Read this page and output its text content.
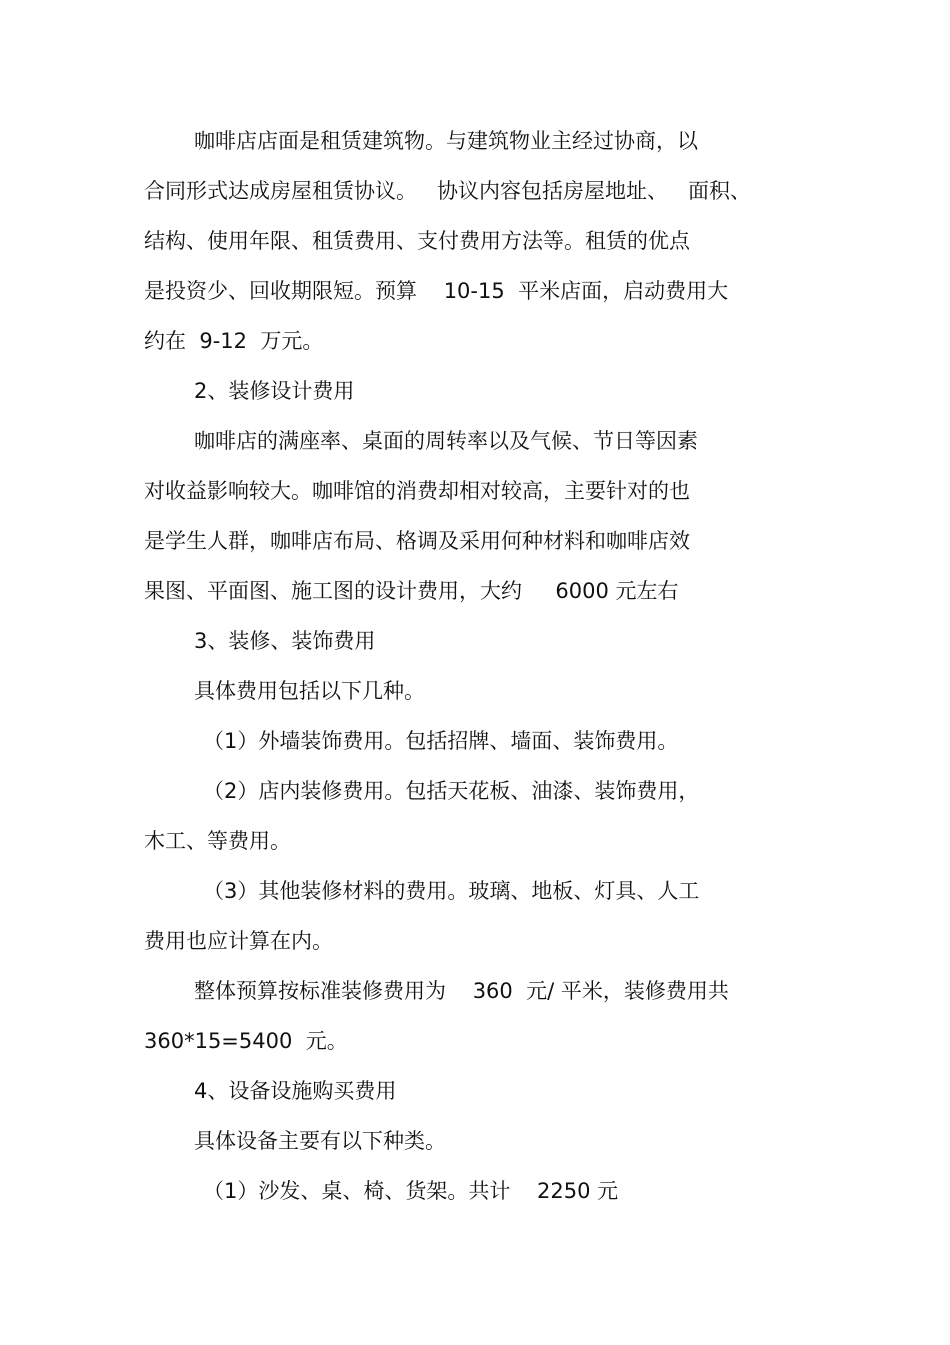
咖啡店店面是租赁建筑物。与建筑物业主经过协商，以
合同形式达成房屋租赁协议。   协议内容包括房屋地址、   面积、
结构、使用年限、租赁费用、支付费用方法等。租赁的优点
是投资少、回收期限短。预算    10-15  平米店面，启动费用大
约在  9-12  万元。
2、装修设计费用
咖啡店的满座率、桌面的周转率以及气候、节日等因素
对收益影响较大。咖啡馆的消费却相对较高，主要针对的也
是学生人群，咖啡店布局、格调及采用何种材料和咖啡店效
果图、平面图、施工图的设计费用，大约     6000 元左右
3、装修、装饰费用
具体费用包括以下几种。
（1）外墙装饰费用。包括招牌、墙面、装饰费用。
（2）店内装修费用。包括天花板、油漆、装饰费用，
木工、等费用。
（3）其他装修材料的费用。玻璃、地板、灯具、人工
费用也应计算在内。
整体预算按标准装修费用为    360  元/ 平米，装修费用共
360*15=5400  元。
4、设备设施购买费用
具体设备主要有以下种类。
（1）沙发、桌、椅、货架。共计    2250 元
